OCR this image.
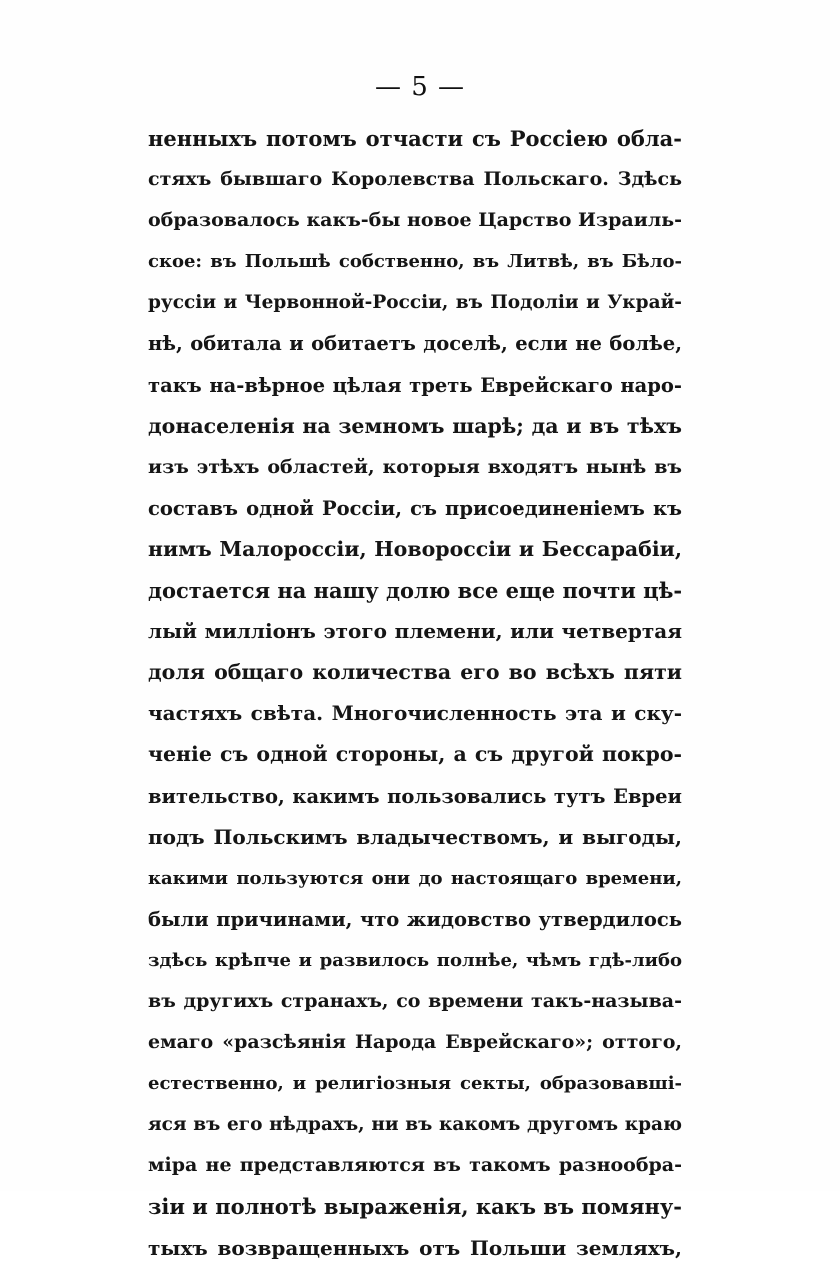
— 5 —
ненныхъ потомъ отчасти съ Россiею обла-
стяхъ бывшаго Королевства Польскаго. Здѣсь
образовалось какъ-бы новое Царство Израиль-
ское: въ Польшѣ собственно, въ Литвѣ, въ Бѣло-
руссiи и Червонной-Россiи, въ Подолiи и Украй-
нѣ, обитала и обитаетъ доселѣ, если не болѣе,
такъ на-вѣрное цѣлая треть Еврейскаго наро-
донаселенiя на земномъ шарѣ; да и въ тѣхъ
изъ этѣхъ областей, которыя входятъ нынѣ въ
составъ одной Россiи, съ присоединенiемъ къ
нимъ Малороссiи, Новороссiи и Бессарабiи,
достается на нашу долю все еще почти цѣ-
лый миллiонъ этого племени, или четвертая
доля общаго количества его во всѣхъ пяти
частяхъ свѣта. Многочисленность эта и ску-
ченiе съ одной стороны, а съ другой покро-
вительство, какимъ пользовались тутъ Евреи
подъ Польскимъ владычествомъ, и выгоды,
какими пользуются они до настоящаго времени,
были причинами, что жидовство утвердилось
здѣсь крѣпче и развилось полнѣе, чѣмъ гдѣ-либо
въ другихъ странахъ, со времени такъ-называ-
емаго «разсѣянiя Народа Еврейскаго»; оттого,
естественно, и религiозныя секты, образовавшi-
яся въ его нѣдрахъ, ни въ какомъ другомъ краю
мiра не представляются въ такомъ разнообра-
зiи и полнотѣ выраженiя, какъ въ помяну-
тыхъ возвращенныхъ отъ Польши земляхъ,
